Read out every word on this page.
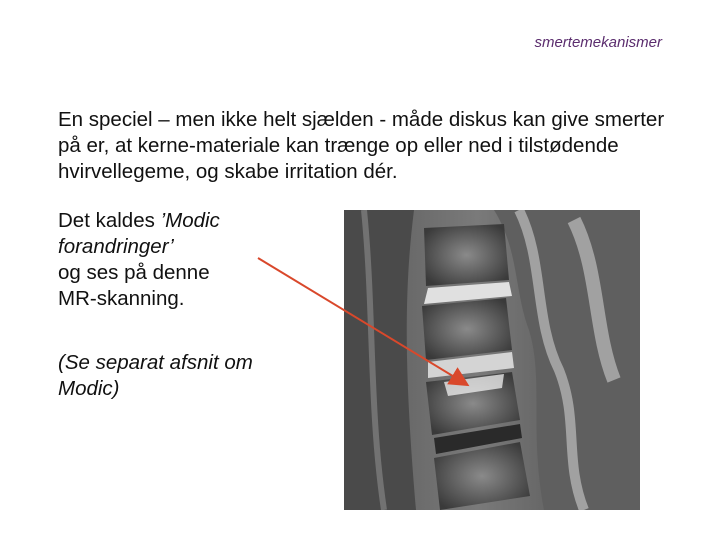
smertemekanismer
En speciel – men ikke helt sjælden - måde diskus kan give smerter på er, at kerne-materiale kan trænge op eller ned i tilstødende hvirvellegeme, og skabe irritation dér.
Det kaldes ’Modic
forandringer’
og ses på denne
MR-skanning.
(Se separat afsnit om
Modic)
